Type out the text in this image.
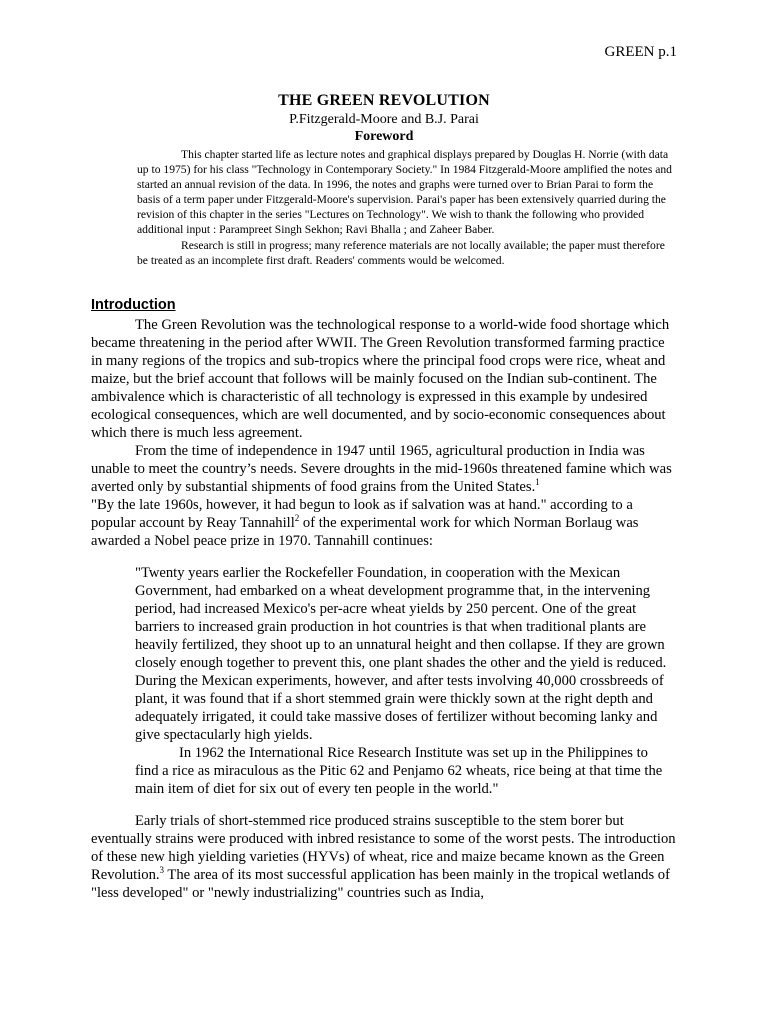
GREEN p.1
THE GREEN REVOLUTION
P.Fitzgerald-Moore and B.J. Parai
Foreword

This chapter started life as lecture notes and graphical displays prepared by Douglas H. Norrie (with data up to 1975) for his class "Technology in Contemporary Society." In 1984 Fitzgerald-Moore amplified the notes and started an annual revision of the data. In 1996, the notes and graphs were turned over to Brian Parai to form the basis of a term paper under Fitzgerald-Moore's supervision. Parai's paper has been extensively quarried during the revision of this chapter in the series "Lectures on Technology". We wish to thank the following who provided additional input : Parampreet Singh Sekhon; Ravi Bhalla ; and Zaheer Baber.

Research is still in progress; many reference materials are not locally available; the paper must therefore be treated as an incomplete first draft. Readers' comments would be welcomed.

Introduction

The Green Revolution was the technological response to a world-wide food shortage which became threatening in the period after WWII. The Green Revolution transformed farming practice in many regions of the tropics and sub-tropics where the principal food crops were rice, wheat and maize, but the brief account that follows will be mainly focused on the Indian sub-continent. The ambivalence which is characteristic of all technology is expressed in this example by undesired ecological consequences, which are well documented, and by socio-economic consequences about which there is much less agreement.

From the time of independence in 1947 until 1965, agricultural production in India was unable to meet the country’s needs. Severe droughts in the mid-1960s threatened famine which was averted only by substantial shipments of food grains from the United States.$^1$

"By the late 1960s, however, it had begun to look as if salvation was at hand." according to a popular account by Reay Tannahill$^2$ of the experimental work for which Norman Borlaug was awarded a Nobel peace prize in 1970. Tannahill continues:

"Twenty years earlier the Rockefeller Foundation, in cooperation with the Mexican Government, had embarked on a wheat development programme that, in the intervening period, had increased Mexico's per-acre wheat yields by 250 percent. One of the great barriers to increased grain production in hot countries is that when traditional plants are heavily fertilized, they shoot up to an unnatural height and then collapse. If they are grown closely enough together to prevent this, one plant shades the other and the yield is reduced. During the Mexican experiments, however, and after tests involving 40,000 crossbreeds of plant, it was found that if a short stemmed grain were thickly sown at the right depth and adequately irrigated, it could take massive doses of fertilizer without becoming lanky and give spectacularly high yields.

In 1962 the International Rice Research Institute was set up in the Philippines to find a rice as miraculous as the Pitic 62 and Penjamo 62 wheats, rice being at that time the main item of diet for six out of every ten people in the world."

Early trials of short-stemmed rice produced strains susceptible to the stem borer but eventually strains were produced with inbred resistance to some of the worst pests. The introduction of these new high yielding varieties (HYVs) of wheat, rice and maize became known as the Green Revolution.$^3$ The area of its most successful application has been mainly in the tropical wetlands of "less developed" or "newly industrializing" countries such as India,
